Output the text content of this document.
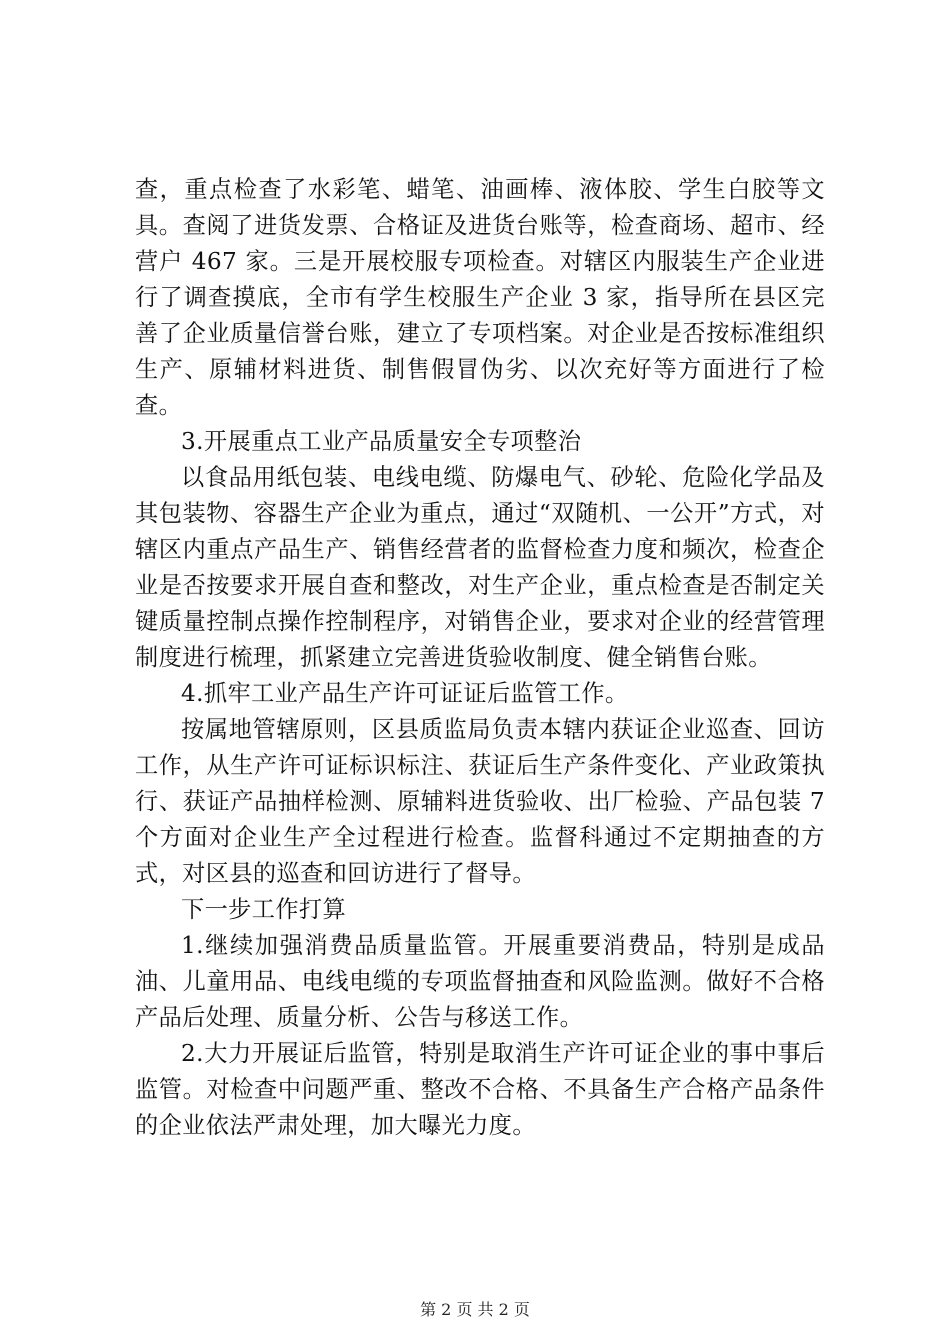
查，重点检查了水彩笔、蜡笔、油画棒、液体胶、学生白胶等文具。查阅了进货发票、合格证及进货台账等，检查商场、超市、经营户 467 家。三是开展校服专项检查。对辖区内服装生产企业进行了调查摸底，全市有学生校服生产企业 3 家，指导所在县区完善了企业质量信誉台账，建立了专项档案。对企业是否按标准组织生产、原辅材料进货、制售假冒伪劣、以次充好等方面进行了检查。

3.开展重点工业产品质量安全专项整治

以食品用纸包装、电线电缆、防爆电气、砂轮、危险化学品及其包装物、容器生产企业为重点，通过“双随机、一公开”方式，对辖区内重点产品生产、销售经营者的监督检查力度和频次，检查企业是否按要求开展自查和整改，对生产企业，重点检查是否制定关键质量控制点操作控制程序，对销售企业，要求对企业的经营管理制度进行梳理，抓紧建立完善进货验收制度、健全销售台账。

4.抓牢工业产品生产许可证证后监管工作。

按属地管辖原则，区县质监局负责本辖内获证企业巡查、回访工作，从生产许可证标识标注、获证后生产条件变化、产业政策执行、获证产品抽样检测、原辅料进货验收、出厂检验、产品包装 7 个方面对企业生产全过程进行检查。监督科通过不定期抽查的方式，对区县的巡查和回访进行了督导。

下一步工作打算

1.继续加强消费品质量监管。开展重要消费品，特别是成品油、儿童用品、电线电缆的专项监督抽查和风险监测。做好不合格产品后处理、质量分析、公告与移送工作。

2.大力开展证后监管，特别是取消生产许可证企业的事中事后监管。对检查中问题严重、整改不合格、不具备生产合格产品条件的企业依法严肃处理，加大曝光力度。

第 2 页 共 2 页
